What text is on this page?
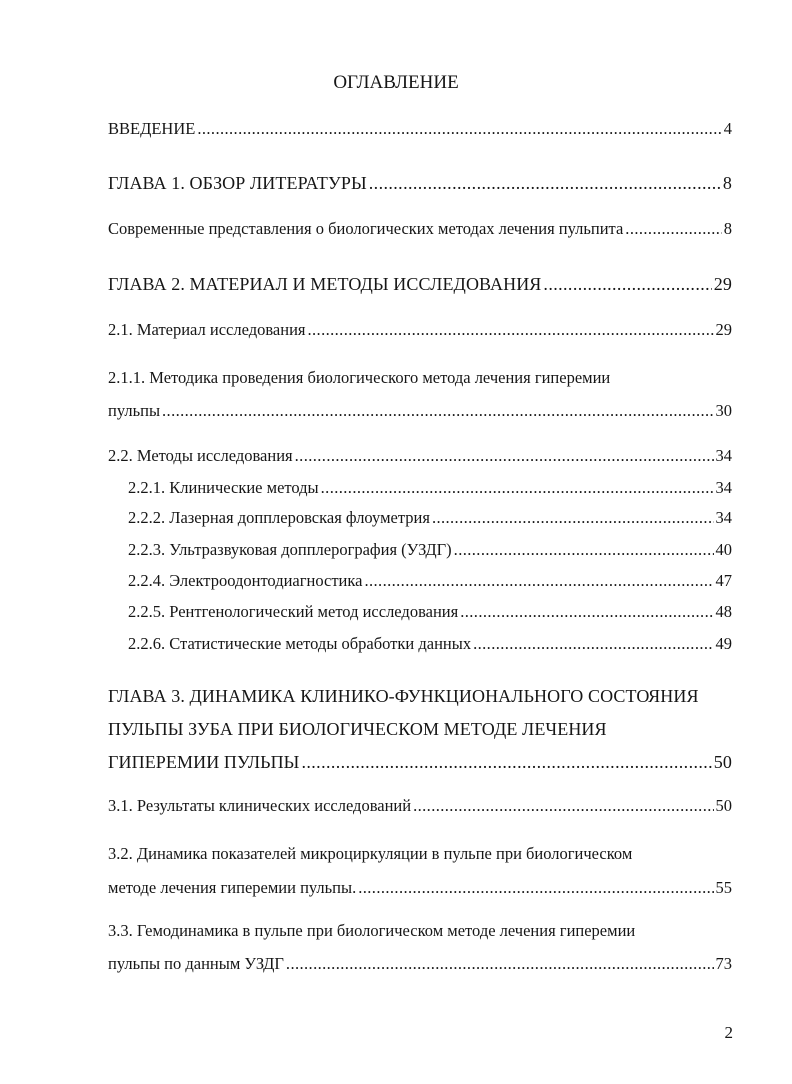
ОГЛАВЛЕНИЕ
ВВЕДЕНИЕ .....	4
ГЛАВА 1. ОБЗОР ЛИТЕРАТУРЫ .....	8
Современные представления о биологических методах лечения пульпита .....	8
ГЛАВА 2. МАТЕРИАЛ И МЕТОДЫ ИССЛЕДОВАНИЯ .....	29
2.1. Материал исследования .....	29
2.1.1. Методика проведения биологического метода лечения гиперемии
пульпы .....	30
2.2. Методы исследования .....	34
2.2.1. Клинические методы .....	34
2.2.2. Лазерная допплеровская флоуметрия .....	34
2.2.3. Ультразвуковая допплерография (УЗДГ) .....	40
2.2.4. Электроодонтодиагностика .....	47
2.2.5. Рентгенологический метод исследования .....	48
2.2.6. Статистические методы обработки данных .....	49
ГЛАВА 3. ДИНАМИКА КЛИНИКО-ФУНКЦИОНАЛЬНОГО СОСТОЯНИЯ
ПУЛЬПЫ ЗУБА ПРИ БИОЛОГИЧЕСКОМ МЕТОДЕ ЛЕЧЕНИЯ
ГИПЕРЕМИИ ПУЛЬПЫ .....	50
3.1. Результаты клинических исследований .....	50
3.2. Динамика показателей микроциркуляции в пульпе при биологическом
методе лечения гиперемии пульпы. .....	55
3.3. Гемодинамика в пульпе при биологическом методе лечения гиперемии
пульпы по данным УЗДГ .....	73
2
